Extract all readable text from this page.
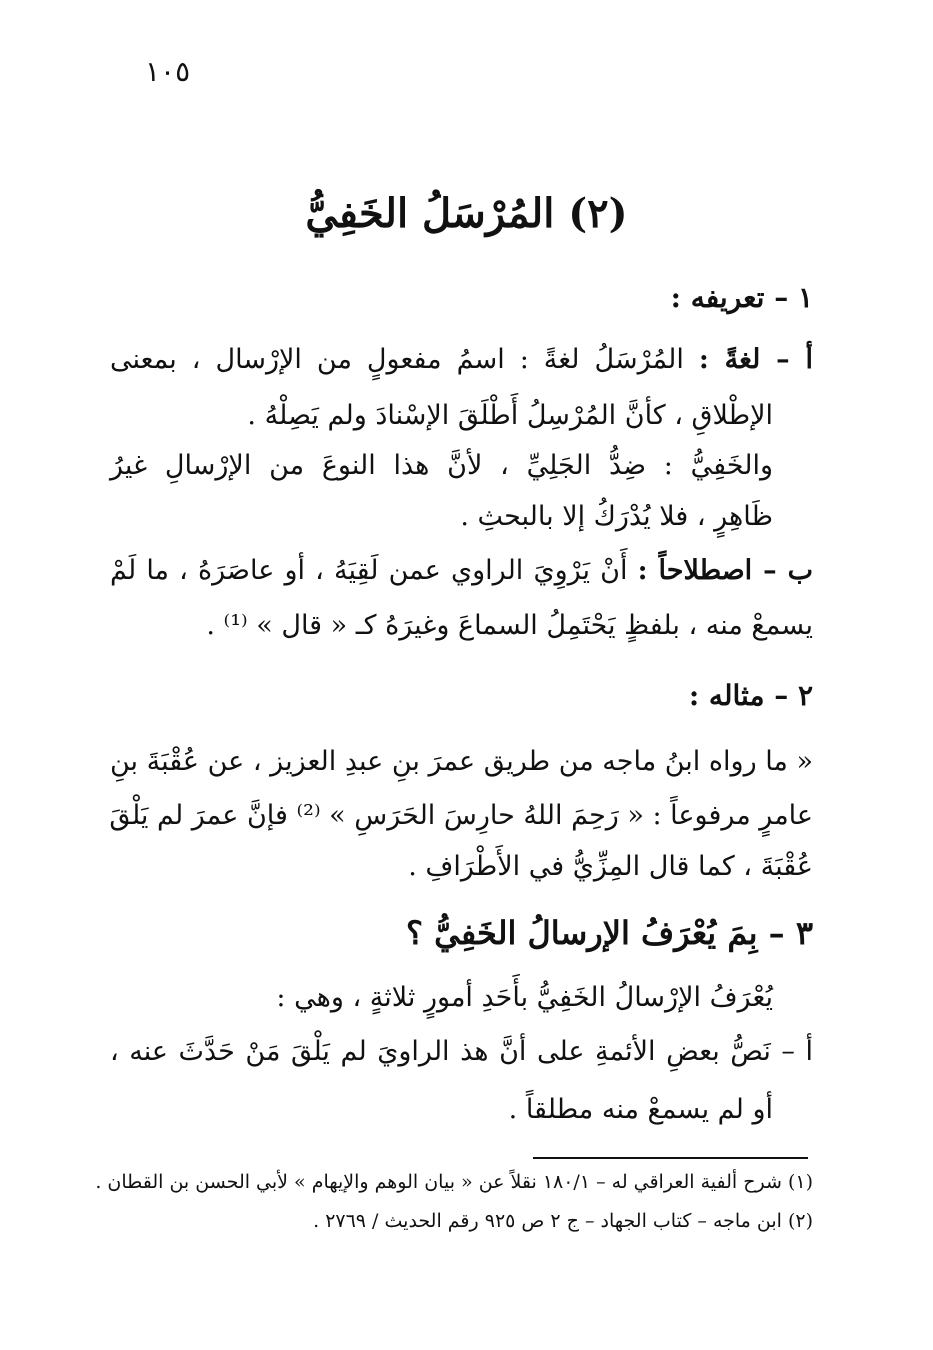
١٠٥
(٢) المُرْسَلُ الخَفِيُّ
١ – تعريفه :
أ – لغةً : المُرْسَلُ لغةً : اسمُ مفعولٍ من الإرْسال ، بمعنى
الإطْلاقِ ، كأنَّ المُرْسِلُ أَطْلَقَ الإسْنادَ ولم يَصِلْهُ .
والخَفِيُّ : ضِدُّ الجَلِيِّ ، لأنَّ هذا النوعَ من الإرْسالِ غيرُ
ظَاهِرٍ ، فلا يُدْرَكُ إلا بالبحثِ .
ب – اصطلاحاً : أَنْ يَرْوِيَ الراوي عمن لَقِيَهُ ، أو عاصَرَهُ ، ما لَمْ
يسمعْ منه ، بلفظٍ يَحْتَمِلُ السماعَ وغيرَهُ كـ « قال » ⁽¹⁾ .
٢ – مثاله :
« ما رواه ابنُ ماجه من طريق عمرَ بنِ عبدِ العزيز ، عن عُقْبَةَ بنِ
عامرٍ مرفوعاً : « رَحِمَ اللهُ حارِسَ الحَرَسِ » ⁽²⁾ فإنَّ عمرَ لم يَلْقَ
عُقْبَةَ ، كما قال المِزِّيُّ في الأَطْرَافِ .
٣ – بِمَ يُعْرَفُ الإرسالُ الخَفِيُّ ؟
يُعْرَفُ الإرْسالُ الخَفِيُّ بأَحَدِ أمورٍ ثلاثةٍ ، وهي :
أ – نَصُّ بعضِ الأئمةِ على أنَّ هذ الراويَ لم يَلْقَ مَنْ حَدَّثَ عنه ،
أو لم يسمعْ منه مطلقاً .
(١) شرح ألفية العراقي له – ١٨٠/١ نقلاً عن « بيان الوهم والإيهام » لأبي الحسن بن القطان .
(٢) ابن ماجه – كتاب الجهاد – ج ٢ ص ٩٢٥ رقم الحديث / ٢٧٦٩ .
